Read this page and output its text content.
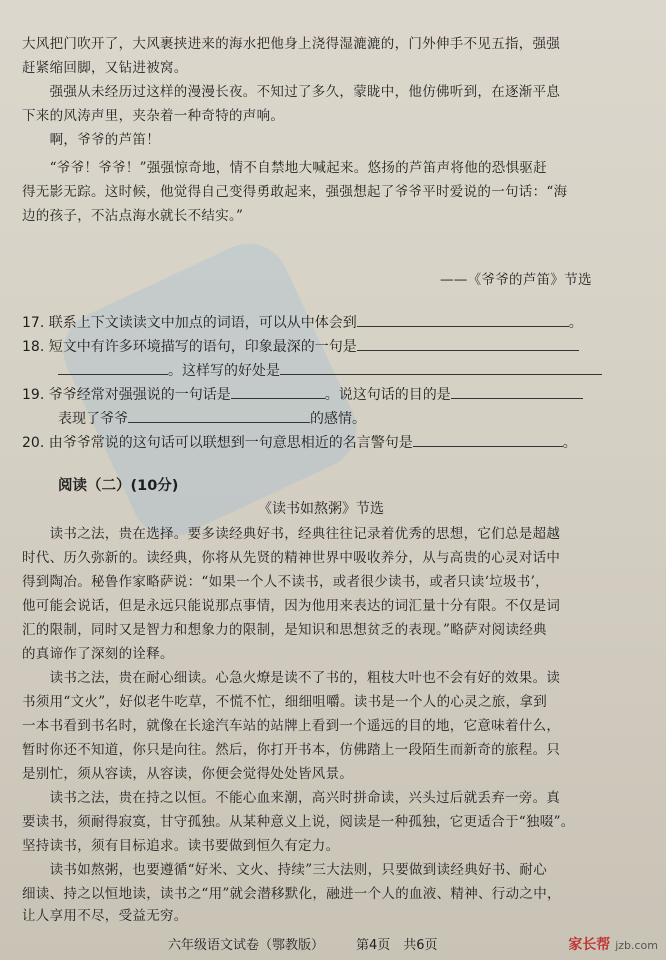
大风把门吹开了，大风裹挟进来的海水把他身上浇得湿漉漉的，门外伸手不见五指，强强
赶紧缩回脚，又钻进被窝。
　　强强从未经历过这样的漫漫长夜。不知过了多久，蒙眬中，他仿佛听到，在逐渐平息
下来的风涛声里，夹杂着一种奇特的声响。
　　啊，爷爷的芦笛！
　　“爷爷！爷爷！”强强惊奇地，情不自禁地大喊起来。悠扬的芦笛声将他的恐惧驱赶
得无影无踪。这时候，他觉得自己变得勇敢起来，强强想起了爷爷平时爱说的一句话：“海
边的孩子，不沾点海水就长不结实。”
——《爷爷的芦笛》节选
17. 联系上下文读读文中加点的词语，可以从中体会到	。
18. 短文中有许多环境描写的语句，印象最深的一句是
。这样写的好处是
19. 爷爷经常对强强说的一句话是	。说这句话的目的是
表现了爷爷	的感情。
20. 由爷爷常说的这句话可以联想到一句意思相近的名言警句是	。
阅读（二）(10分)
《读书如熬粥》节选
　　读书之法，贵在选择。要多读经典好书，经典往往记录着优秀的思想，它们总是超越
时代、历久弥新的。读经典，你将从先贤的精神世界中吸收养分，从与高贵的心灵对话中
得到陶冶。秘鲁作家略萨说：“如果一个人不读书，或者很少读书，或者只读‘垃圾书’，
他可能会说话，但是永远只能说那点事情，因为他用来表达的词汇量十分有限。不仅是词
汇的限制，同时又是智力和想象力的限制，是知识和思想贫乏的表现。”略萨对阅读经典
的真谛作了深刻的诠释。
　　读书之法，贵在耐心细读。心急火燎是读不了书的，粗枝大叶也不会有好的效果。读
书须用“文火”，好似老牛吃草，不慌不忙，细细咀嚼。读书是一个人的心灵之旅，拿到
一本书看到书名时，就像在长途汽车站的站牌上看到一个遥远的目的地，它意味着什么，
暂时你还不知道，你只是向往。然后，你打开书本，仿佛踏上一段陌生而新奇的旅程。只
是别忙，须从容读，从容读，你便会觉得处处皆风景。
　　读书之法，贵在持之以恒。不能心血来潮，高兴时拼命读，兴头过后就丢弃一旁。真
要读书，须耐得寂寞，甘守孤独。从某种意义上说，阅读是一种孤独，它更适合于“独啜”。
坚持读书，须有目标追求。读书要做到恒久有定力。
　　读书如熬粥，也要遵循“好米、文火、持续”三大法则，只要做到读经典好书、耐心
细读、持之以恒地读，读书之“用”就会潜移默化，融进一个人的血液、精神、行动之中，
让人享用不尽，受益无穷。
六年级语文试卷（鄂教版） 第4页　共6页	家长帮 jzb.com
